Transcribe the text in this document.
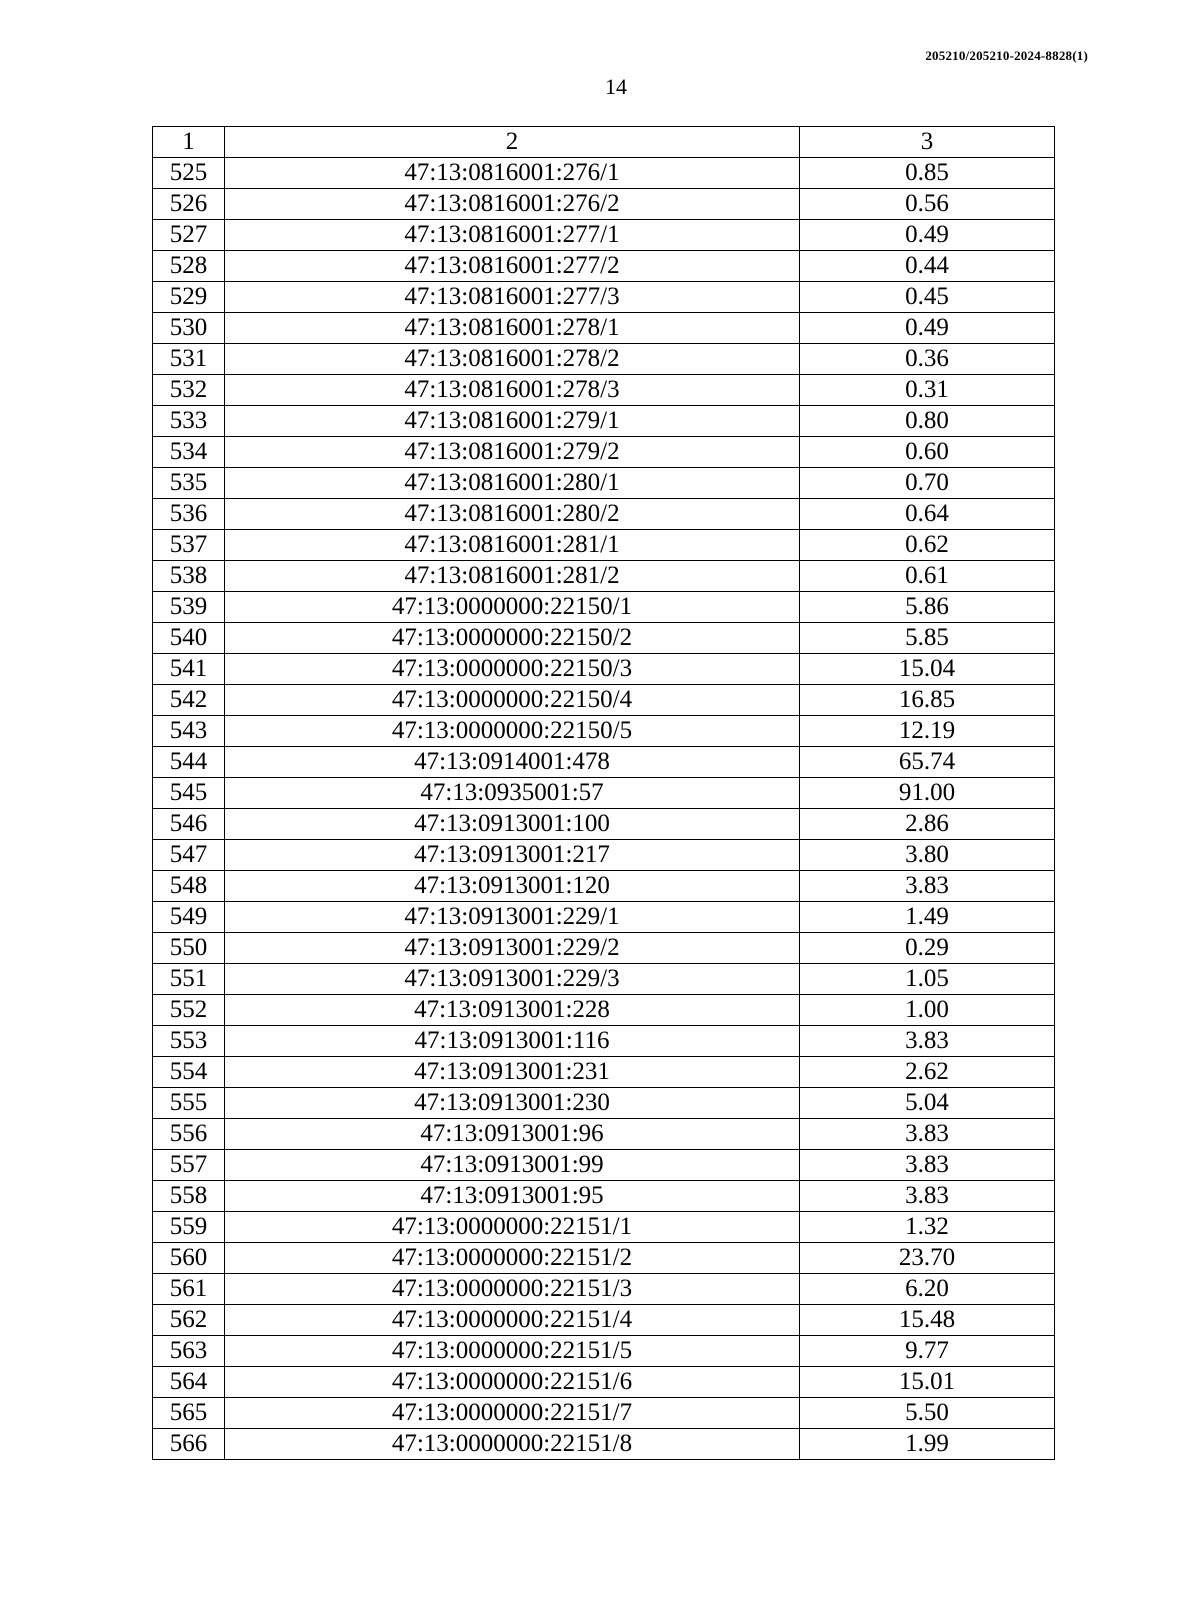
205210/205210-2024-8828(1)
14
1	2	3
525	47:13:0816001:276/1	0.85
526	47:13:0816001:276/2	0.56
527	47:13:0816001:277/1	0.49
528	47:13:0816001:277/2	0.44
529	47:13:0816001:277/3	0.45
530	47:13:0816001:278/1	0.49
531	47:13:0816001:278/2	0.36
532	47:13:0816001:278/3	0.31
533	47:13:0816001:279/1	0.80
534	47:13:0816001:279/2	0.60
535	47:13:0816001:280/1	0.70
536	47:13:0816001:280/2	0.64
537	47:13:0816001:281/1	0.62
538	47:13:0816001:281/2	0.61
539	47:13:0000000:22150/1	5.86
540	47:13:0000000:22150/2	5.85
541	47:13:0000000:22150/3	15.04
542	47:13:0000000:22150/4	16.85
543	47:13:0000000:22150/5	12.19
544	47:13:0914001:478	65.74
545	47:13:0935001:57	91.00
546	47:13:0913001:100	2.86
547	47:13:0913001:217	3.80
548	47:13:0913001:120	3.83
549	47:13:0913001:229/1	1.49
550	47:13:0913001:229/2	0.29
551	47:13:0913001:229/3	1.05
552	47:13:0913001:228	1.00
553	47:13:0913001:116	3.83
554	47:13:0913001:231	2.62
555	47:13:0913001:230	5.04
556	47:13:0913001:96	3.83
557	47:13:0913001:99	3.83
558	47:13:0913001:95	3.83
559	47:13:0000000:22151/1	1.32
560	47:13:0000000:22151/2	23.70
561	47:13:0000000:22151/3	6.20
562	47:13:0000000:22151/4	15.48
563	47:13:0000000:22151/5	9.77
564	47:13:0000000:22151/6	15.01
565	47:13:0000000:22151/7	5.50
566	47:13:0000000:22151/8	1.99
